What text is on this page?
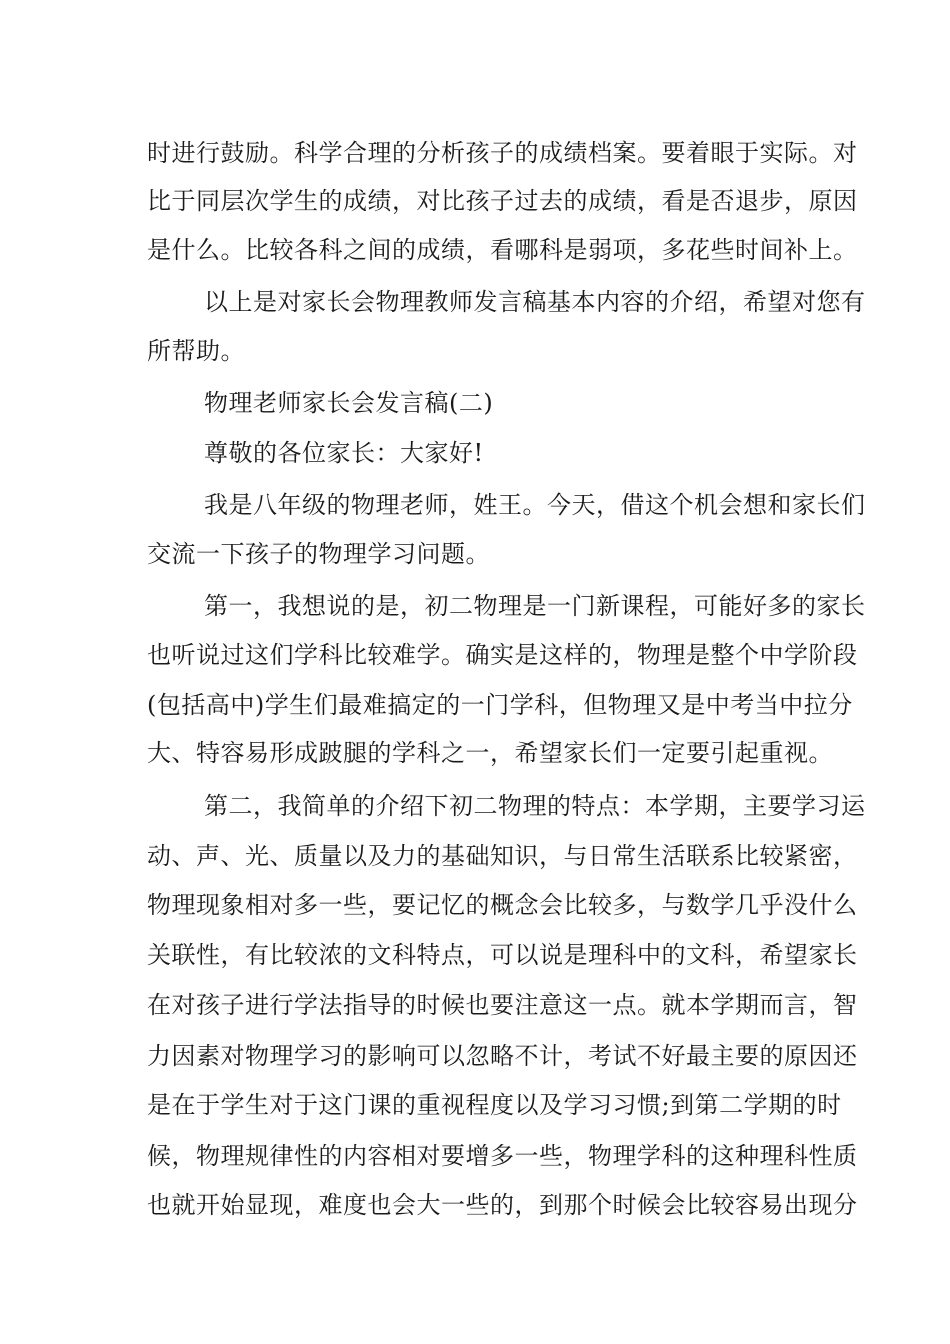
时进行鼓励。科学合理的分析孩子的成绩档案。要着眼于实际。对
比于同层次学生的成绩，对比孩子过去的成绩，看是否退步，原因
是什么。比较各科之间的成绩，看哪科是弱项，多花些时间补上。
以上是对家长会物理教师发言稿基本内容的介绍，希望对您有
所帮助。
物理老师家长会发言稿(二)
尊敬的各位家长：大家好!
我是八年级的物理老师，姓王。今天，借这个机会想和家长们
交流一下孩子的物理学习问题。
第一，我想说的是，初二物理是一门新课程，可能好多的家长
也听说过这们学科比较难学。确实是这样的，物理是整个中学阶段
(包括高中)学生们最难搞定的一门学科，但物理又是中考当中拉分
大、特容易形成跛腿的学科之一，希望家长们一定要引起重视。
第二，我简单的介绍下初二物理的特点：本学期，主要学习运
动、声、光、质量以及力的基础知识，与日常生活联系比较紧密，
物理现象相对多一些，要记忆的概念会比较多，与数学几乎没什么
关联性，有比较浓的文科特点，可以说是理科中的文科，希望家长
在对孩子进行学法指导的时候也要注意这一点。就本学期而言，智
力因素对物理学习的影响可以忽略不计，考试不好最主要的原因还
是在于学生对于这门课的重视程度以及学习习惯;到第二学期的时
候，物理规律性的内容相对要增多一些，物理学科的这种理科性质
也就开始显现，难度也会大一些的，到那个时候会比较容易出现分
